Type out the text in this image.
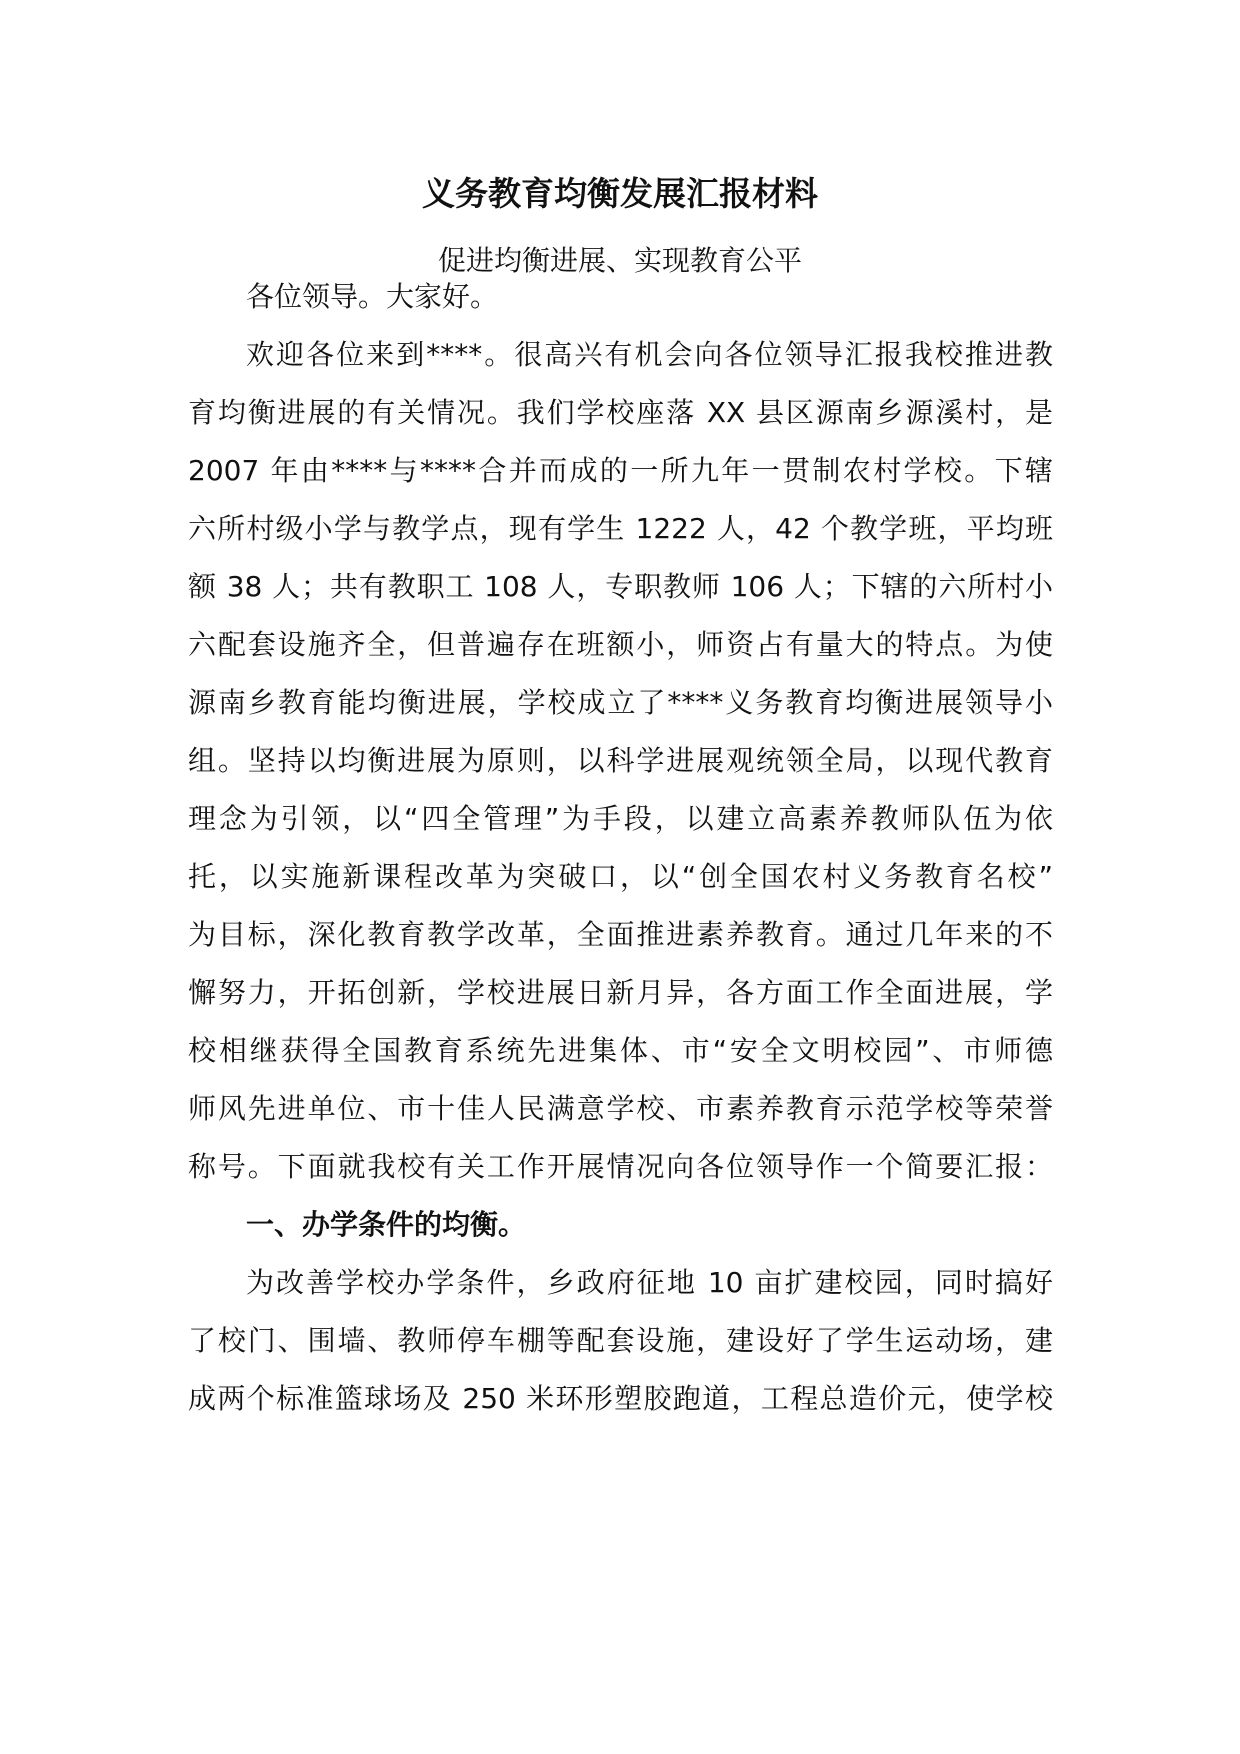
义务教育均衡发展汇报材料
促进均衡进展、实现教育公平
各位领导。大家好。
欢迎各位来到****。很高兴有机会向各位领导汇报我校推进教
育均衡进展的有关情况。我们学校座落 XX 县区源南乡源溪村，是
2007 年由****与****合并而成的一所九年一贯制农村学校。下辖
六所村级小学与教学点，现有学生 1222 人，42 个教学班，平均班
额 38 人；共有教职工 108 人，专职教师 106 人；下辖的六所村小
六配套设施齐全，但普遍存在班额小，师资占有量大的特点。为使
源南乡教育能均衡进展，学校成立了****义务教育均衡进展领导小
组。坚持以均衡进展为原则，以科学进展观统领全局，以现代教育
理念为引领，以“四全管理”为手段，以建立高素养教师队伍为依
托，以实施新课程改革为突破口，以“创全国农村义务教育名校”
为目标，深化教育教学改革，全面推进素养教育。通过几年来的不
懈努力，开拓创新，学校进展日新月异，各方面工作全面进展，学
校相继获得全国教育系统先进集体、市“安全文明校园”、市师德
师风先进单位、市十佳人民满意学校、市素养教育示范学校等荣誉
称号。下面就我校有关工作开展情况向各位领导作一个简要汇报：
一、办学条件的均衡。
为改善学校办学条件，乡政府征地 10 亩扩建校园，同时搞好
了校门、围墙、教师停车棚等配套设施，建设好了学生运动场，建
成两个标准篮球场及 250 米环形塑胶跑道，工程总造价元，使学校
